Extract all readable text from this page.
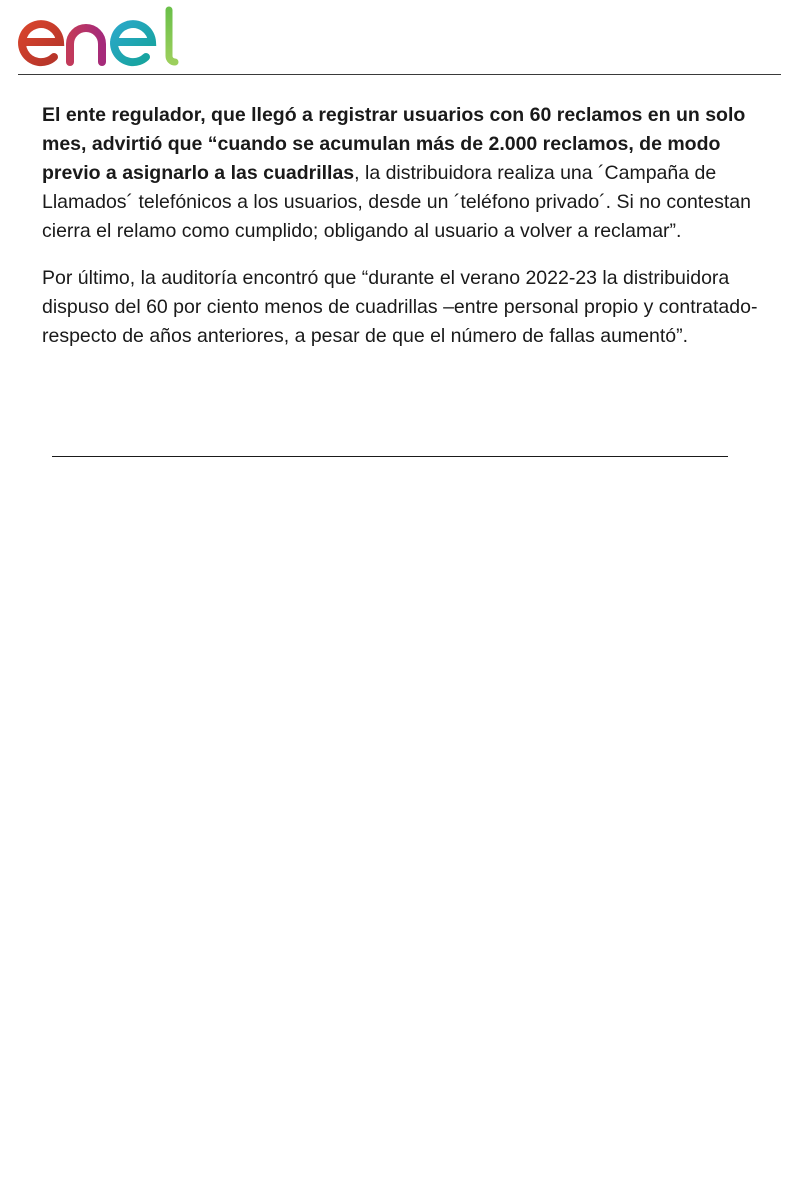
enel

El ente regulador, que llegó a registrar usuarios con 60 reclamos en un solo mes, advirtió que “cuando se acumulan más de 2.000 reclamos, de modo previo a asignarlo a las cuadrillas, la distribuidora realiza una ´Campaña de Llamados´ telefónicos a los usuarios, desde un ´teléfono privado´. Si no contestan cierra el relamo como cumplido; obligando al usuario a volver a reclamar”.

Por último, la auditoría encontró que “durante el verano 2022-23 la distribuidora dispuso del 60 por ciento menos de cuadrillas –entre personal propio y contratado- respecto de años anteriores, a pesar de que el número de fallas aumentó”.
